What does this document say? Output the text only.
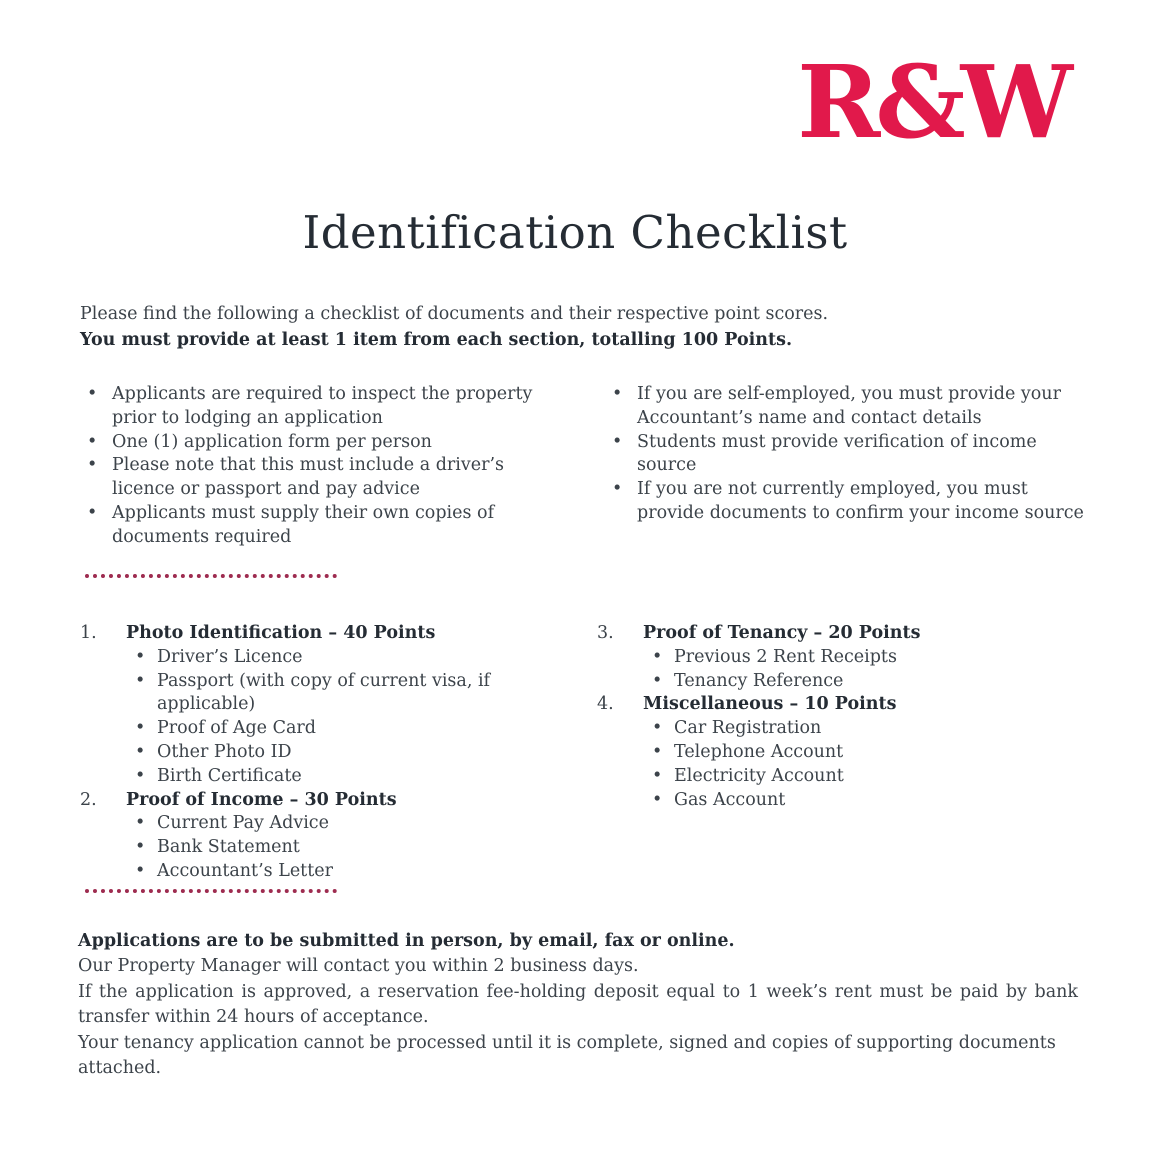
R&W
Identification Checklist

Please find the following a checklist of documents and their respective point scores.

You must provide at least 1 item from each section, totalling 100 Points.

• Applicants are required to inspect the property prior to lodging an application
• One (1) application form per person
• Please note that this must include a driver’s licence or passport and pay advice
• Applicants must supply their own copies of documents required
• If you are self-employed, you must provide your Accountant’s name and contact details
• Students must provide verification of income source
• If you are not currently employed, you must provide documents to confirm your income source
1.	Photo Identification – 40 Points
• Driver’s Licence
• Passport (with copy of current visa, if applicable)
• Proof of Age Card
• Other Photo ID
• Birth Certificate
2.	Proof of Income – 30 Points
• Current Pay Advice
• Bank Statement
• Accountant’s Letter
3.	Proof of Tenancy – 20 Points
• Previous 2 Rent Receipts
• Tenancy Reference
4.	Miscellaneous – 10 Points
• Car Registration
• Telephone Account
• Electricity Account
• Gas Account

Applications are to be submitted in person, by email, fax or online.

Our Property Manager will contact you within 2 business days.

If the application is approved, a reservation fee-holding deposit equal to 1 week’s rent must be paid by bank transfer within 24 hours of acceptance.

Your tenancy application cannot be processed until it is complete, signed and copies of supporting documents attached.
